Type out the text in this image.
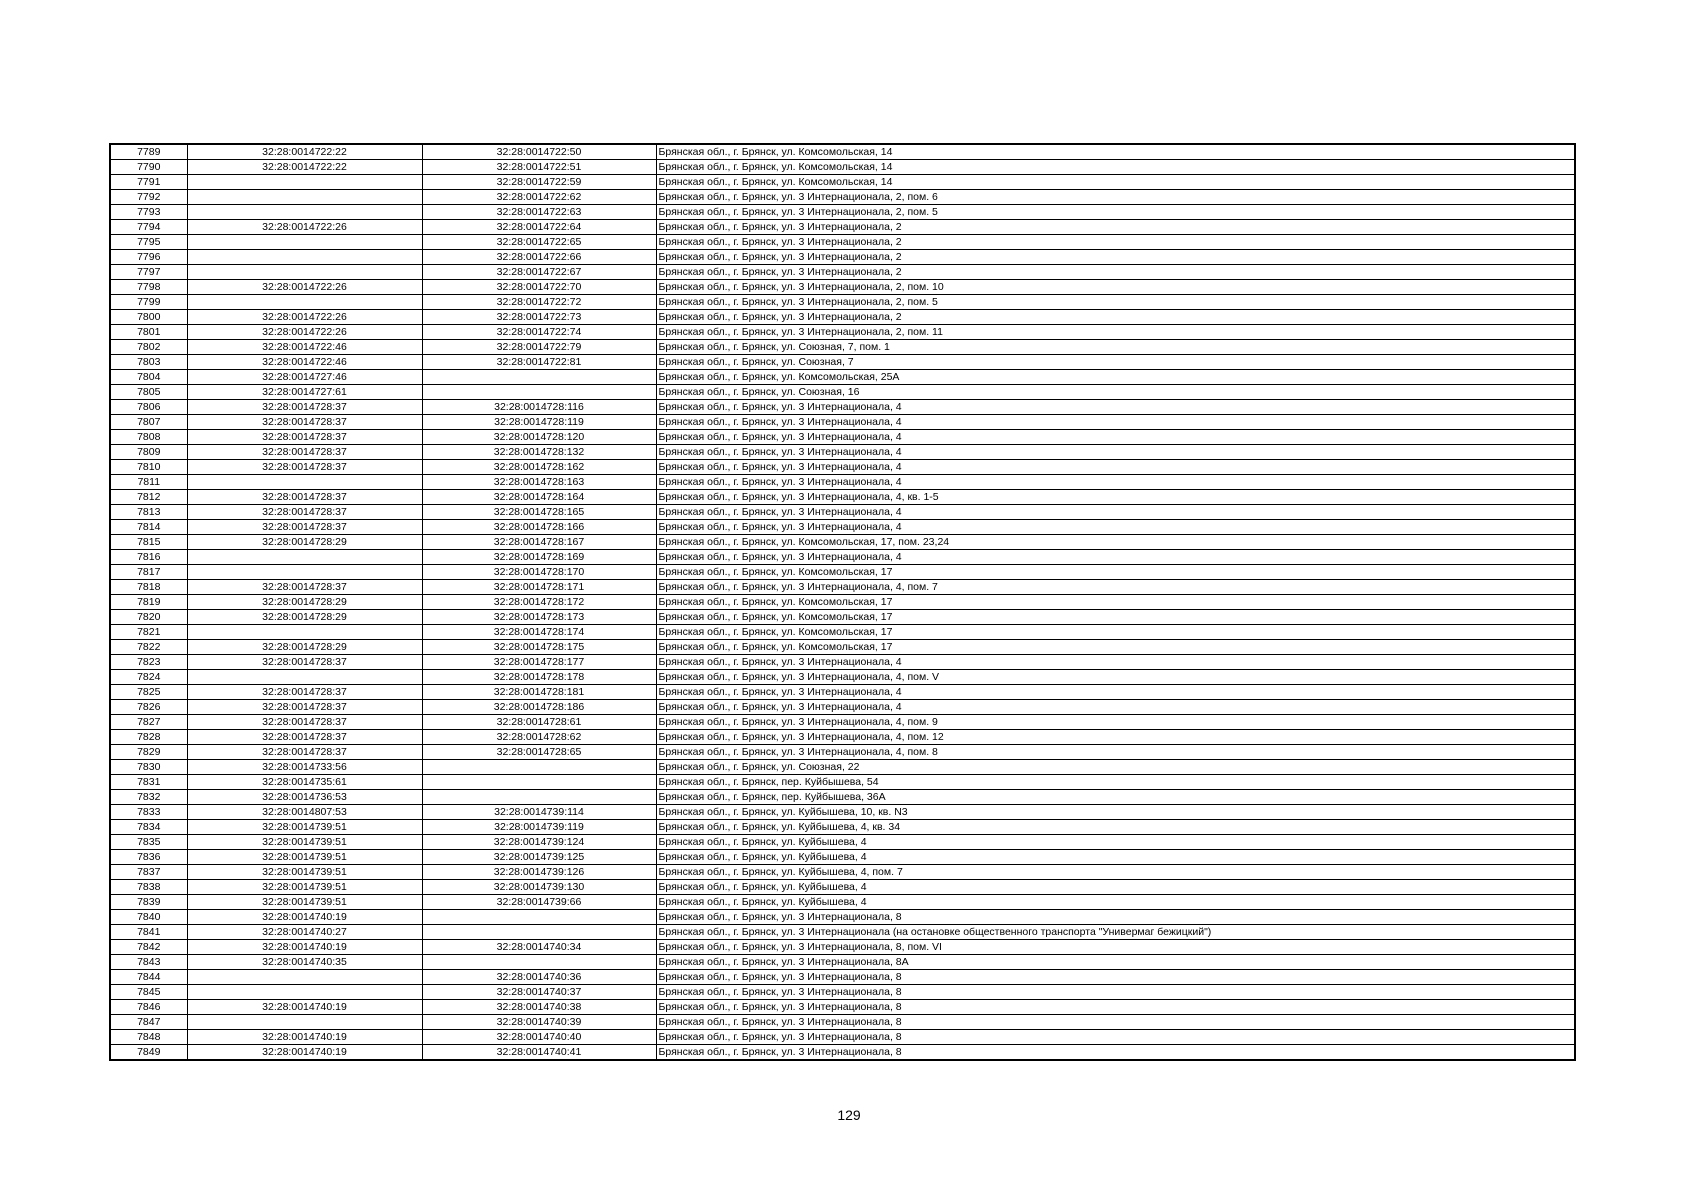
7789	32:28:0014722:22	32:28:0014722:50	Брянская обл., г. Брянск, ул. Комсомольская, 14
7790	32:28:0014722:22	32:28:0014722:51	Брянская обл., г. Брянск, ул. Комсомольская, 14
7791		32:28:0014722:59	Брянская обл., г. Брянск, ул. Комсомольская, 14
7792		32:28:0014722:62	Брянская обл., г. Брянск, ул. 3 Интернационала, 2, пом. 6
7793		32:28:0014722:63	Брянская обл., г. Брянск, ул. 3 Интернационала, 2, пом. 5
7794	32:28:0014722:26	32:28:0014722:64	Брянская обл., г. Брянск, ул. 3 Интернационала, 2
7795		32:28:0014722:65	Брянская обл., г. Брянск, ул. 3 Интернационала, 2
7796		32:28:0014722:66	Брянская обл., г. Брянск, ул. 3 Интернационала, 2
7797		32:28:0014722:67	Брянская обл., г. Брянск, ул. 3 Интернационала, 2
7798	32:28:0014722:26	32:28:0014722:70	Брянская обл., г. Брянск, ул. 3 Интернационала, 2, пом. 10
7799		32:28:0014722:72	Брянская обл., г. Брянск, ул. 3 Интернационала, 2, пом. 5
7800	32:28:0014722:26	32:28:0014722:73	Брянская обл., г. Брянск, ул. 3 Интернационала, 2
7801	32:28:0014722:26	32:28:0014722:74	Брянская обл., г. Брянск, ул. 3 Интернационала, 2, пом. 11
7802	32:28:0014722:46	32:28:0014722:79	Брянская обл., г. Брянск, ул. Союзная, 7, пом. 1
7803	32:28:0014722:46	32:28:0014722:81	Брянская обл., г. Брянск, ул. Союзная, 7
7804	32:28:0014727:46		Брянская обл., г. Брянск, ул. Комсомольская, 25А
7805	32:28:0014727:61		Брянская обл., г. Брянск, ул. Союзная, 16
7806	32:28:0014728:37	32:28:0014728:116	Брянская обл., г. Брянск, ул. 3 Интернационала, 4
7807	32:28:0014728:37	32:28:0014728:119	Брянская обл., г. Брянск, ул. 3 Интернационала, 4
7808	32:28:0014728:37	32:28:0014728:120	Брянская обл., г. Брянск, ул. 3 Интернационала, 4
7809	32:28:0014728:37	32:28:0014728:132	Брянская обл., г. Брянск, ул. 3 Интернационала, 4
7810	32:28:0014728:37	32:28:0014728:162	Брянская обл., г. Брянск, ул. 3 Интернационала, 4
7811		32:28:0014728:163	Брянская обл., г. Брянск, ул. 3 Интернационала, 4
7812	32:28:0014728:37	32:28:0014728:164	Брянская обл., г. Брянск, ул. 3 Интернационала, 4, кв. 1-5
7813	32:28:0014728:37	32:28:0014728:165	Брянская обл., г. Брянск, ул. 3 Интернационала, 4
7814	32:28:0014728:37	32:28:0014728:166	Брянская обл., г. Брянск, ул. 3 Интернационала, 4
7815	32:28:0014728:29	32:28:0014728:167	Брянская обл., г. Брянск, ул. Комсомольская, 17, пом. 23,24
7816		32:28:0014728:169	Брянская обл., г. Брянск, ул. 3 Интернационала, 4
7817		32:28:0014728:170	Брянская обл., г. Брянск, ул. Комсомольская, 17
7818	32:28:0014728:37	32:28:0014728:171	Брянская обл., г. Брянск, ул. 3 Интернационала, 4, пом. 7
7819	32:28:0014728:29	32:28:0014728:172	Брянская обл., г. Брянск, ул. Комсомольская, 17
7820	32:28:0014728:29	32:28:0014728:173	Брянская обл., г. Брянск, ул. Комсомольская, 17
7821		32:28:0014728:174	Брянская обл., г. Брянск, ул. Комсомольская, 17
7822	32:28:0014728:29	32:28:0014728:175	Брянская обл., г. Брянск, ул. Комсомольская, 17
7823	32:28:0014728:37	32:28:0014728:177	Брянская обл., г. Брянск, ул. 3 Интернационала, 4
7824		32:28:0014728:178	Брянская обл., г. Брянск, ул. 3 Интернационала, 4, пом. V
7825	32:28:0014728:37	32:28:0014728:181	Брянская обл., г. Брянск, ул. 3 Интернационала, 4
7826	32:28:0014728:37	32:28:0014728:186	Брянская обл., г. Брянск, ул. 3 Интернационала, 4
7827	32:28:0014728:37	32:28:0014728:61	Брянская обл., г. Брянск, ул. 3 Интернационала, 4, пом. 9
7828	32:28:0014728:37	32:28:0014728:62	Брянская обл., г. Брянск, ул. 3 Интернационала, 4, пом. 12
7829	32:28:0014728:37	32:28:0014728:65	Брянская обл., г. Брянск, ул. 3 Интернационала, 4, пом. 8
7830	32:28:0014733:56		Брянская обл., г. Брянск, ул. Союзная, 22
7831	32:28:0014735:61		Брянская обл., г. Брянск, пер. Куйбышева, 54
7832	32:28:0014736:53		Брянская обл., г. Брянск, пер. Куйбышева, 36А
7833	32:28:0014807:53	32:28:0014739:114	Брянская обл., г. Брянск, ул. Куйбышева, 10, кв. N3
7834	32:28:0014739:51	32:28:0014739:119	Брянская обл., г. Брянск, ул. Куйбышева, 4, кв. 34
7835	32:28:0014739:51	32:28:0014739:124	Брянская обл., г. Брянск, ул. Куйбышева, 4
7836	32:28:0014739:51	32:28:0014739:125	Брянская обл., г. Брянск, ул. Куйбышева, 4
7837	32:28:0014739:51	32:28:0014739:126	Брянская обл., г. Брянск, ул. Куйбышева, 4, пом. 7
7838	32:28:0014739:51	32:28:0014739:130	Брянская обл., г. Брянск, ул. Куйбышева, 4
7839	32:28:0014739:51	32:28:0014739:66	Брянская обл., г. Брянск, ул. Куйбышева, 4
7840	32:28:0014740:19		Брянская обл., г. Брянск, ул. 3 Интернационала, 8
7841	32:28:0014740:27		Брянская обл., г. Брянск, ул. 3 Интернационала (на остановке общественного транспорта "Универмаг бежицкий")
7842	32:28:0014740:19	32:28:0014740:34	Брянская обл., г. Брянск, ул. 3 Интернационала, 8, пом. VI
7843	32:28:0014740:35		Брянская обл., г. Брянск, ул. 3 Интернационала, 8А
7844		32:28:0014740:36	Брянская обл., г. Брянск, ул. 3 Интернационала, 8
7845		32:28:0014740:37	Брянская обл., г. Брянск, ул. 3 Интернационала, 8
7846	32:28:0014740:19	32:28:0014740:38	Брянская обл., г. Брянск, ул. 3 Интернационала, 8
7847		32:28:0014740:39	Брянская обл., г. Брянск, ул. 3 Интернационала, 8
7848	32:28:0014740:19	32:28:0014740:40	Брянская обл., г. Брянск, ул. 3 Интернационала, 8
7849	32:28:0014740:19	32:28:0014740:41	Брянская обл., г. Брянск, ул. 3 Интернационала, 8
129
